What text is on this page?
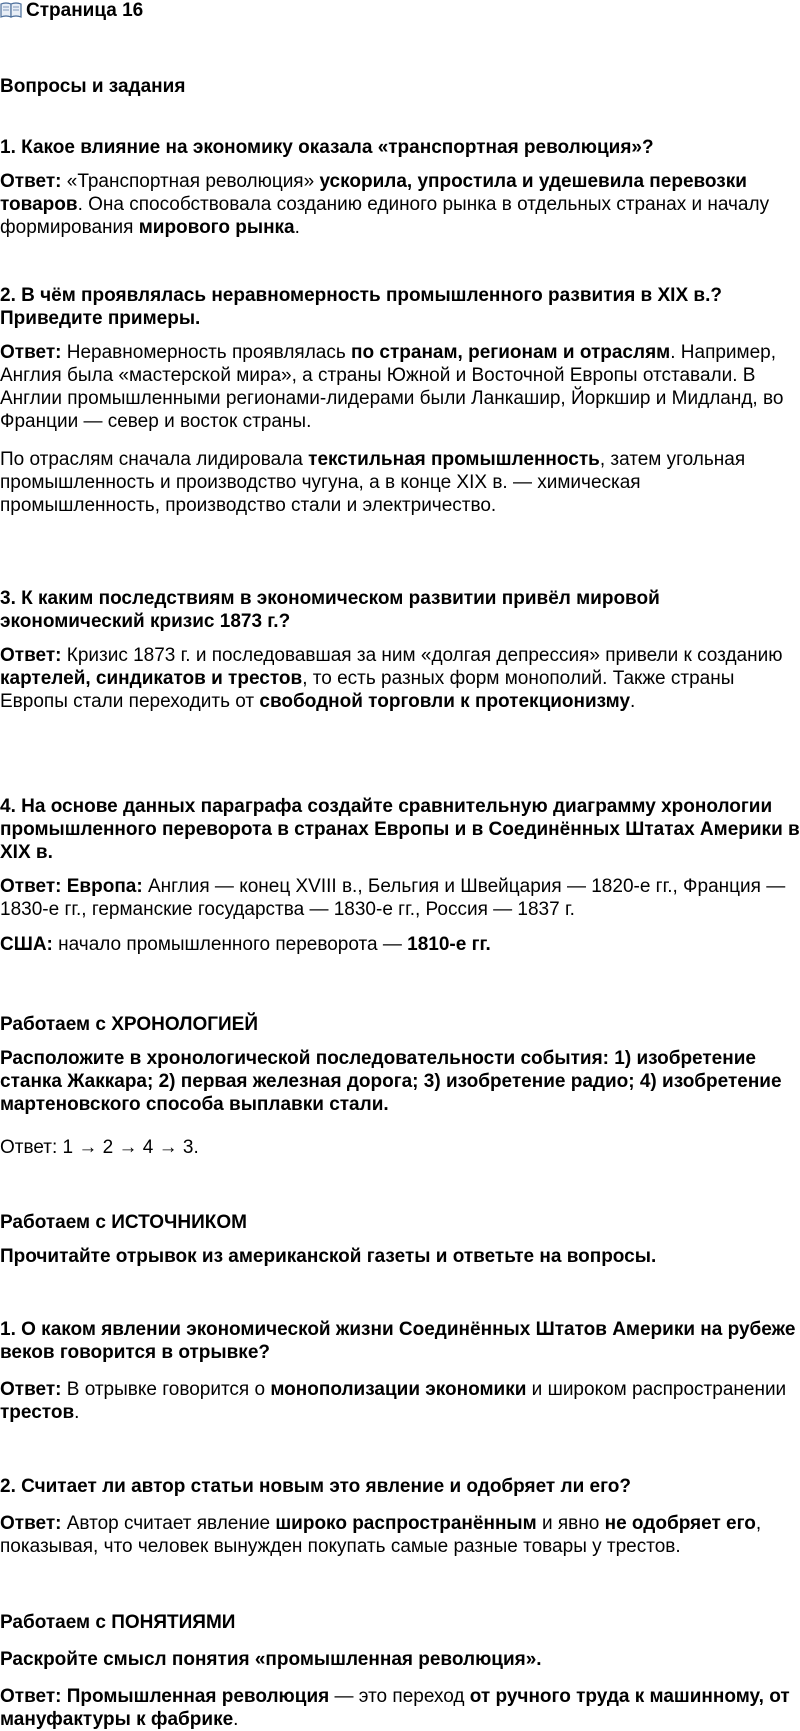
Страница 16
Вопросы и задания
1. Какое влияние на экономику оказала «транспортная революция»?
Ответ: «Транспортная революция» ускорила, упростила и удешевила перевозки товаров. Она способствовала созданию единого рынка в отдельных странах и началу формирования мирового рынка.
2. В чём проявлялась неравномерность промышленного развития в XIX в.? Приведите примеры.
Ответ: Неравномерность проявлялась по странам, регионам и отраслям. Например, Англия была «мастерской мира», а страны Южной и Восточной Европы отставали. В Англии промышленными регионами-лидерами были Ланкашир, Йоркшир и Мидланд, во Франции — север и восток страны.
По отраслям сначала лидировала текстильная промышленность, затем угольная промышленность и производство чугуна, а в конце XIX в. — химическая промышленность, производство стали и электричество.
3. К каким последствиям в экономическом развитии привёл мировой экономический кризис 1873 г.?
Ответ: Кризис 1873 г. и последовавшая за ним «долгая депрессия» привели к созданию картелей, синдикатов и трестов, то есть разных форм монополий. Также страны Европы стали переходить от свободной торговли к протекционизму.
4. На основе данных параграфа создайте сравнительную диаграмму хронологии промышленного переворота в странах Европы и в Соединённых Штатах Америки в XIX в.
Ответ: Европа: Англия — конец XVIII в., Бельгия и Швейцария — 1820-е гг., Франция — 1830-е гг., германские государства — 1830-е гг., Россия — 1837 г.
США: начало промышленного переворота — 1810-е гг.
Работаем с ХРОНОЛОГИЕЙ
Расположите в хронологической последовательности события: 1) изобретение станка Жаккара; 2) первая железная дорога; 3) изобретение радио; 4) изобретение мартеновского способа выплавки стали.
Ответ: 1 → 2 → 4 → 3.
Работаем с ИСТОЧНИКОМ
Прочитайте отрывок из американской газеты и ответьте на вопросы.
1. О каком явлении экономической жизни Соединённых Штатов Америки на рубеже веков говорится в отрывке?
Ответ: В отрывке говорится о монополизации экономики и широком распространении трестов.
2. Считает ли автор статьи новым это явление и одобряет ли его?
Ответ: Автор считает явление широко распространённым и явно не одобряет его, показывая, что человек вынужден покупать самые разные товары у трестов.
Работаем с ПОНЯТИЯМИ
Раскройте смысл понятия «промышленная революция».
Ответ: Промышленная революция — это переход от ручного труда к машинному, от мануфактуры к фабрике.
